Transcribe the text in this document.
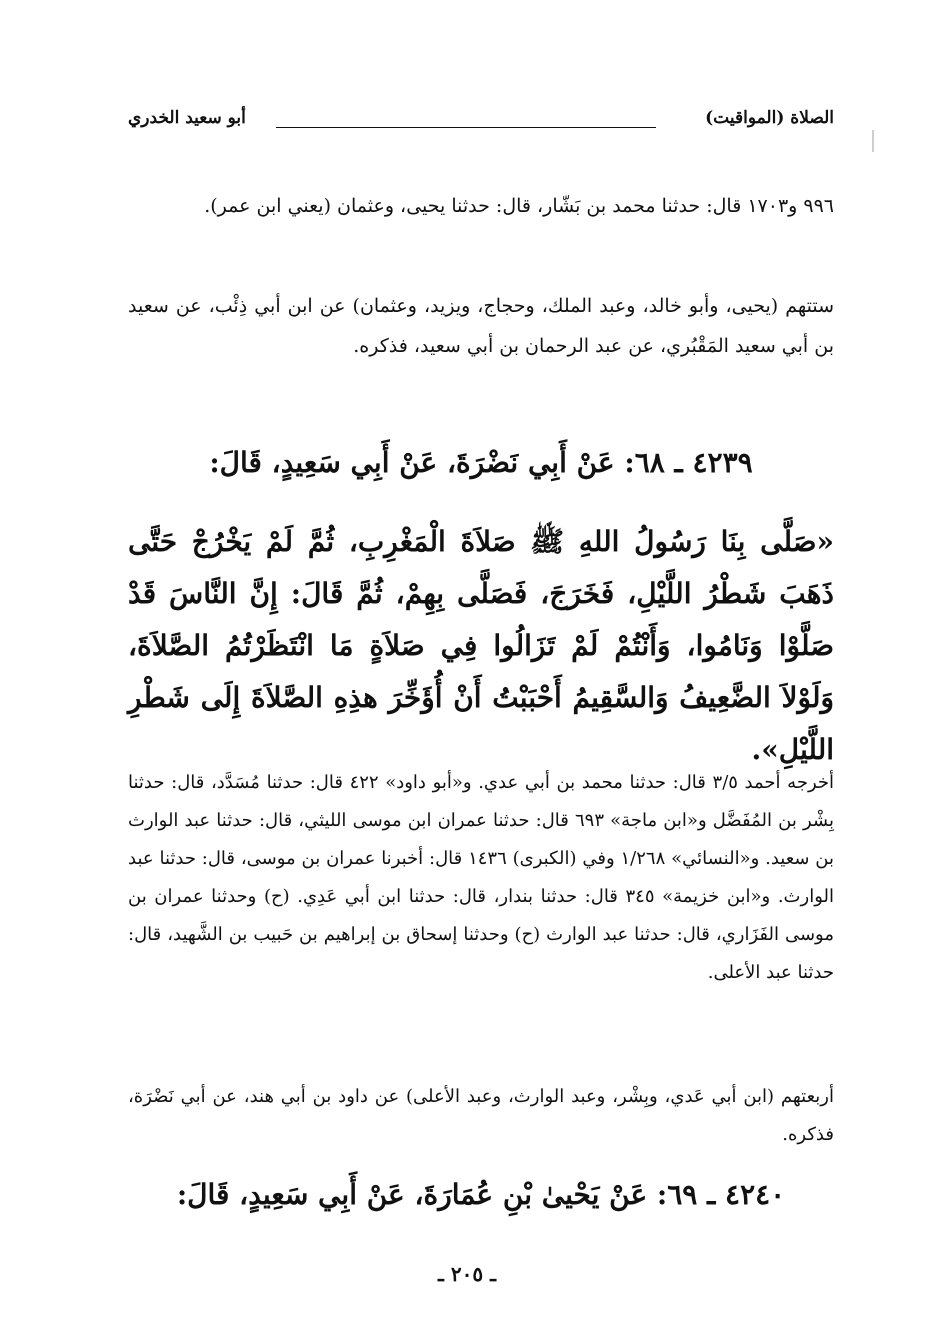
الصلاة (المواقيت)
أبو سعيد الخدري
٩٩٦ و١٧٠٣ قال: حدثنا محمد بن بَشّار، قال: حدثنا يحيى، وعثمان (يعني ابن عمر).
ستتهم (يحيى، وأبو خالد، وعبد الملك، وحجاج، ويزيد، وعثمان) عن ابن أبي ذِئْب، عن سعيد بن أبي سعيد المَقْبُري، عن عبد الرحمان بن أبي سعيد، فذكره.
٤٢٣٩ ـ ٦٨: عَنْ أَبِي نَضْرَةَ، عَنْ أَبِي سَعِيدٍ، قَالَ:
«صَلَّى بِنَا رَسُولُ اللهِ ﷺ صَلاَةَ الْمَغْرِبِ، ثُمَّ لَمْ يَخْرُجْ حَتَّى ذَهَبَ شَطْرُ اللَّيْلِ، فَخَرَجَ، فَصَلَّى بِهِمْ، ثُمَّ قَالَ: إِنَّ النَّاسَ قَدْ صَلَّوْا وَنَامُوا، وَأَنْتُمْ لَمْ تَزَالُوا فِي صَلاَةٍ مَا انْتَظَرْتُمُ الصَّلاَةَ، وَلَوْلاَ الضَّعِيفُ وَالسَّقِيمُ أَحْبَبْتُ أَنْ أُؤَخِّرَ هذِهِ الصَّلاَةَ إِلَى شَطْرِ اللَّيْلِ».
أخرجه أحمد ٣/٥ قال: حدثنا محمد بن أبي عدي. و«أبو داود» ٤٢٢ قال: حدثنا مُسَدَّد، قال: حدثنا بِشْر بن المُفَضَّل و«ابن ماجة» ٦٩٣ قال: حدثنا عمران ابن موسى الليثي، قال: حدثنا عبد الوارث بن سعيد. و«النسائي» ١/٢٦٨ وفي (الكبرى) ١٤٣٦ قال: أخبرنا عمران بن موسى، قال: حدثنا عبد الوارث. و«ابن خزيمة» ٣٤٥ قال: حدثنا بندار، قال: حدثنا ابن أبي عَدِي. (ح) وحدثنا عمران بن موسى الفَزَاري، قال: حدثنا عبد الوارث (ح) وحدثنا إسحاق بن إبراهيم بن حَبيب بن الشَّهيد، قال: حدثنا عبد الأعلى.
أربعتهم (ابن أبي عَدي، وبِشْر، وعبد الوارث، وعبد الأعلى) عن داود بن أبي هند، عن أبي نَضْرَة، فذكره.
٤٢٤٠ ـ ٦٩: عَنْ يَحْيىٰ بْنِ عُمَارَةَ، عَنْ أَبِي سَعِيدٍ، قَالَ:
ـ ٢٠٥ ـ
